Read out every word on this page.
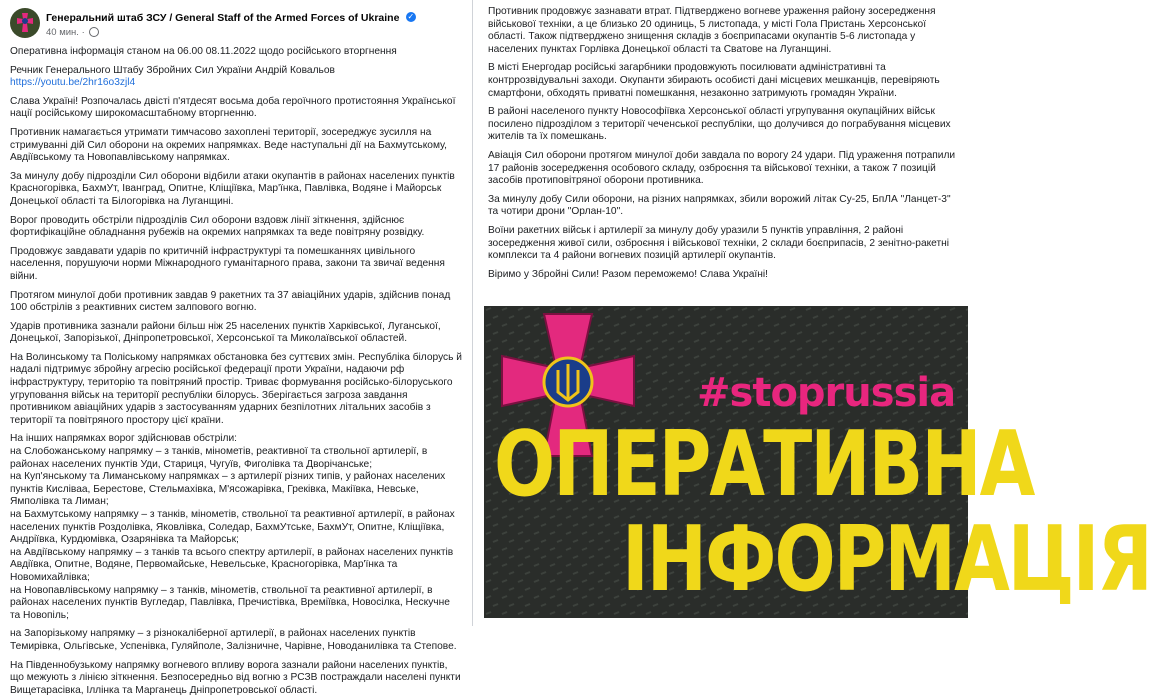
Генеральний штаб ЗСУ / General Staff of the Armed Forces of Ukraine ✓
40 мин. ·

Оперативна інформація станом на 06.00 08.11.2022 щодо російського вторгнення

Речник Генерального Штабу Збройних Сил України Андрій Ковальов https://youtu.be/2hr16o3zjl4

Слава Україні! Розпочалась двісті п'ятдесят восьма доба героїчного протистояння Української нації російському широкомасштабному вторгненню.

Противник намагається утримати тимчасово захоплені території, зосереджує зусилля на стримуванні дій Сил оборони на окремих напрямках. Веде наступальні дії на Бахмутському, Авдіївському та Новопавлівському напрямках.

За минулу добу підрозділи Сил оборони відбили атаки окупантів в районах населених пунктів Красногорівка, БахмУт, Іванград, Опитне, Кліщіївка, Мар'їнка, Павлівка, Водяне і Майорськ Донецької області та Білогорівка на Луганщині.

Ворог проводить обстріли підрозділів Сил оборони вздовж лінії зіткнення, здійснює фортифікаційне обладнання рубежів на окремих напрямках та веде повітряну розвідку.

Продовжує завдавати ударів по критичній інфраструктурі та помешканнях цивільного населення, порушуючи норми Міжнародного гуманітарного права, закони та звичаї ведення війни.

Протягом минулої доби противник завдав 9 ракетних та 37 авіаційних ударів, здійснив понад 100 обстрілів з реактивних систем залпового вогню.

Ударів противника зазнали райони більш ніж 25 населених пунктів Харківської, Луганської, Донецької, Запорізької, Дніпропетровської, Херсонської та Миколаївської областей.

На Волинському та Поліському напрямках обстановка без суттєвих змін. Республіка білорусь й надалі підтримує збройну агресію російської федерації проти України, надаючи рф інфраструктуру, територію та повітряний простір. Триває формування російсько-білоруського угруповання військ на території республіки білорусь. Зберігається загроза завдання противником авіаційних ударів з застосуванням ударних безпілотних літальних засобів з території та повітряного простору цієї країни.

На інших напрямках ворог здійснював обстріли:

на Слобожанському напрямку – з танків, мінометів, реактивної та ствольної артилерії, в районах населених пунктів Уди, Стариця, Чугуїв, Фиголівка та Дворічанське;

на Куп'янському та Лиманському напрямках – з артилерії різних типів, у районах населених пунктів Кисліваа, Берестове, Стельмахівка, М'ясожарівка, Грекiвка, Макіївка, Невське, Ямполівка та Лиман;

на Бахмутському напрямку – з танків, мінометів, ствольної та реактивної артилерії, в районах населених пунктів Роздолівка, Яковлівка, Соледар, БахмУтське, БахмУт, Опитне, Кліщіївка, Андріївка, Курдюмівка, Озарянівка та Майорськ;

на Авдіївському напрямку – з танків та всього спектру артилерії, в районах населених пунктів Авдіївка, Опитне, Водяне, Первомайське, Невельське, Красногорівка, Мар'їнка та Новомихайлівка;

на Новопавлівському напрямку – з танків, мінометів, ствольної та реактивної артилерії, в районах населених пунктів Вугледар, Павлівка, Пречистівка, Времіївка, Новосілка, Нескучне та Новопіль;

на Запорізькому напрямку – з різнокаліберної артилерії, в районах населених пунктів Темирівка, Ольгівське, Успенівка, Гуляйполе, Залізничне, Чарівне, Новоданилівка та Степове.

На Південнобузькому напрямку вогневого впливу ворога зазнали райони населених пунктів, що межують з лінією зіткнення. Безпосередньо від вогню з РСЗВ постраждали населені пункти Вищетарасівка, Іллінка та Марганець Дніпропетровської області.

Противник продовжує зазнавати втрат. Підтверджено вогневе ураження району зосередження військової техніки, а це близько 20 одиниць, 5 листопада, у місті Гола Пристань Херсонської області. Також підтверджено знищення складів з боєприпасами окупантів 5-6 листопада у населених пунктах Горлівка Донецької області та Сватове на Луганщині.

В місті Енергодар російські загарбники продовжують посилювати адміністративні та контррозвідувальні заходи. Окупанти збирають особисті дані місцевих мешканців, перевіряють смартфони, обходять приватні помешкання, незаконно затримують громадян України.

В районі населеного пункту Новософіївка Херсонської області угрупування окупаційних військ посилено підрозділом з території чеченської республіки, що долучився до пограбування місцевих жителів та їх помешкань.

Авіація Сил оборони протягом минулої доби завдала по ворогу 24 удари. Під ураження потрапили 17 районів зосередження особового складу, озброєння та військової техніки, а також 7 позицій засобів протиповітряної оборони противника.

За минулу добу Сили оборони, на різних напрямках, збили ворожий літак Су-25, БпЛА "Ланцет-3" та чотири дрони "Орлан-10".

Воїни ракетних військ і артилерії за минулу добу уразили 5 пунктів управління, 2 районі зосередження живої сили, озброєння і військової техніки, 2 склади боєприпасів, 2 зенітно-ракетні комплекси та 4 райони вогневих позицій артилерії окупантів.

Віримо у Збройні Сили! Разом переможемо! Слава Україні!

#stoprussia
ОПЕРАТИВНА
ІНФОРМАЦІЯ
